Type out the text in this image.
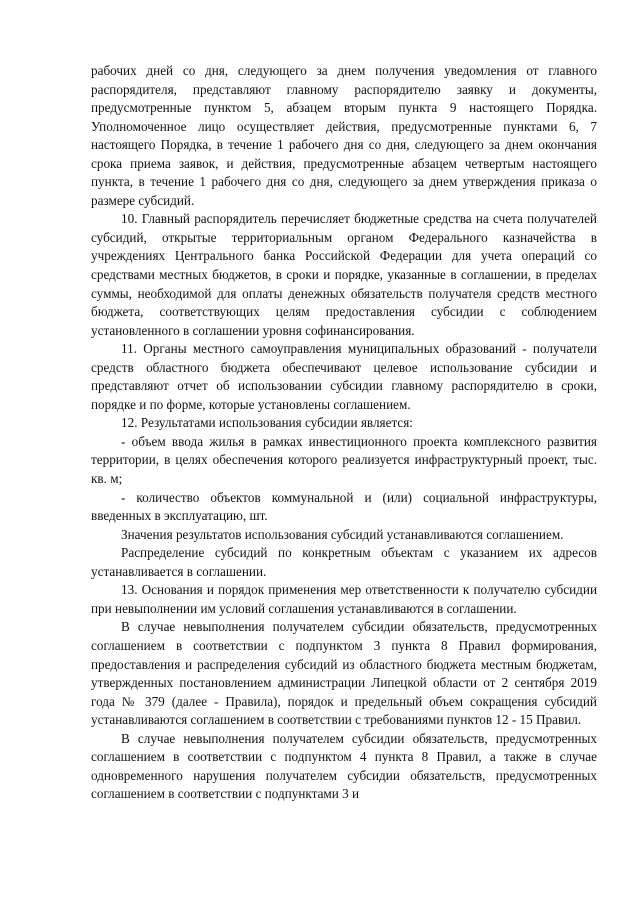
рабочих дней со дня, следующего за днем получения уведомления от главного распорядителя, представляют главному распорядителю заявку и документы, предусмотренные пунктом 5, абзацем вторым пункта 9 настоящего Порядка. Уполномоченное лицо осуществляет действия, предусмотренные пунктами 6, 7 настоящего Порядка, в течение 1 рабочего дня со дня, следующего за днем окончания срока приема заявок, и действия, предусмотренные абзацем четвертым настоящего пункта, в течение 1 рабочего дня со дня, следующего за днем утверждения приказа о размере субсидий.

10. Главный распорядитель перечисляет бюджетные средства на счета получателей субсидий, открытые территориальным органом Федерального казначейства в учреждениях Центрального банка Российской Федерации для учета операций со средствами местных бюджетов, в сроки и порядке, указанные в соглашении, в пределах суммы, необходимой для оплаты денежных обязательств получателя средств местного бюджета, соответствующих целям предоставления субсидии с соблюдением установленного в соглашении уровня софинансирования.

11. Органы местного самоуправления муниципальных образований - получатели средств областного бюджета обеспечивают целевое использование субсидии и представляют отчет об использовании субсидии главному распорядителю в сроки, порядке и по форме, которые установлены соглашением.

12. Результатами использования субсидии является:

- объем ввода жилья в рамках инвестиционного проекта комплексного развития территории, в целях обеспечения которого реализуется инфраструктурный проект, тыс. кв. м;

- количество объектов коммунальной и (или) социальной инфраструктуры, введенных в эксплуатацию, шт.

Значения результатов использования субсидий устанавливаются соглашением.

Распределение субсидий по конкретным объектам с указанием их адресов устанавливается в соглашении.

13. Основания и порядок применения мер ответственности к получателю субсидии при невыполнении им условий соглашения устанавливаются в соглашении.

В случае невыполнения получателем субсидии обязательств, предусмотренных соглашением в соответствии с подпунктом 3 пункта 8 Правил формирования, предоставления и распределения субсидий из областного бюджета местным бюджетам, утвержденных постановлением администрации Липецкой области от 2 сентября 2019 года № 379 (далее - Правила), порядок и предельный объем сокращения субсидий устанавливаются соглашением в соответствии с требованиями пунктов 12 - 15 Правил.

В случае невыполнения получателем субсидии обязательств, предусмотренных соглашением в соответствии с подпунктом 4 пункта 8 Правил, а также в случае одновременного нарушения получателем субсидии обязательств, предусмотренных соглашением в соответствии с подпунктами 3 и
